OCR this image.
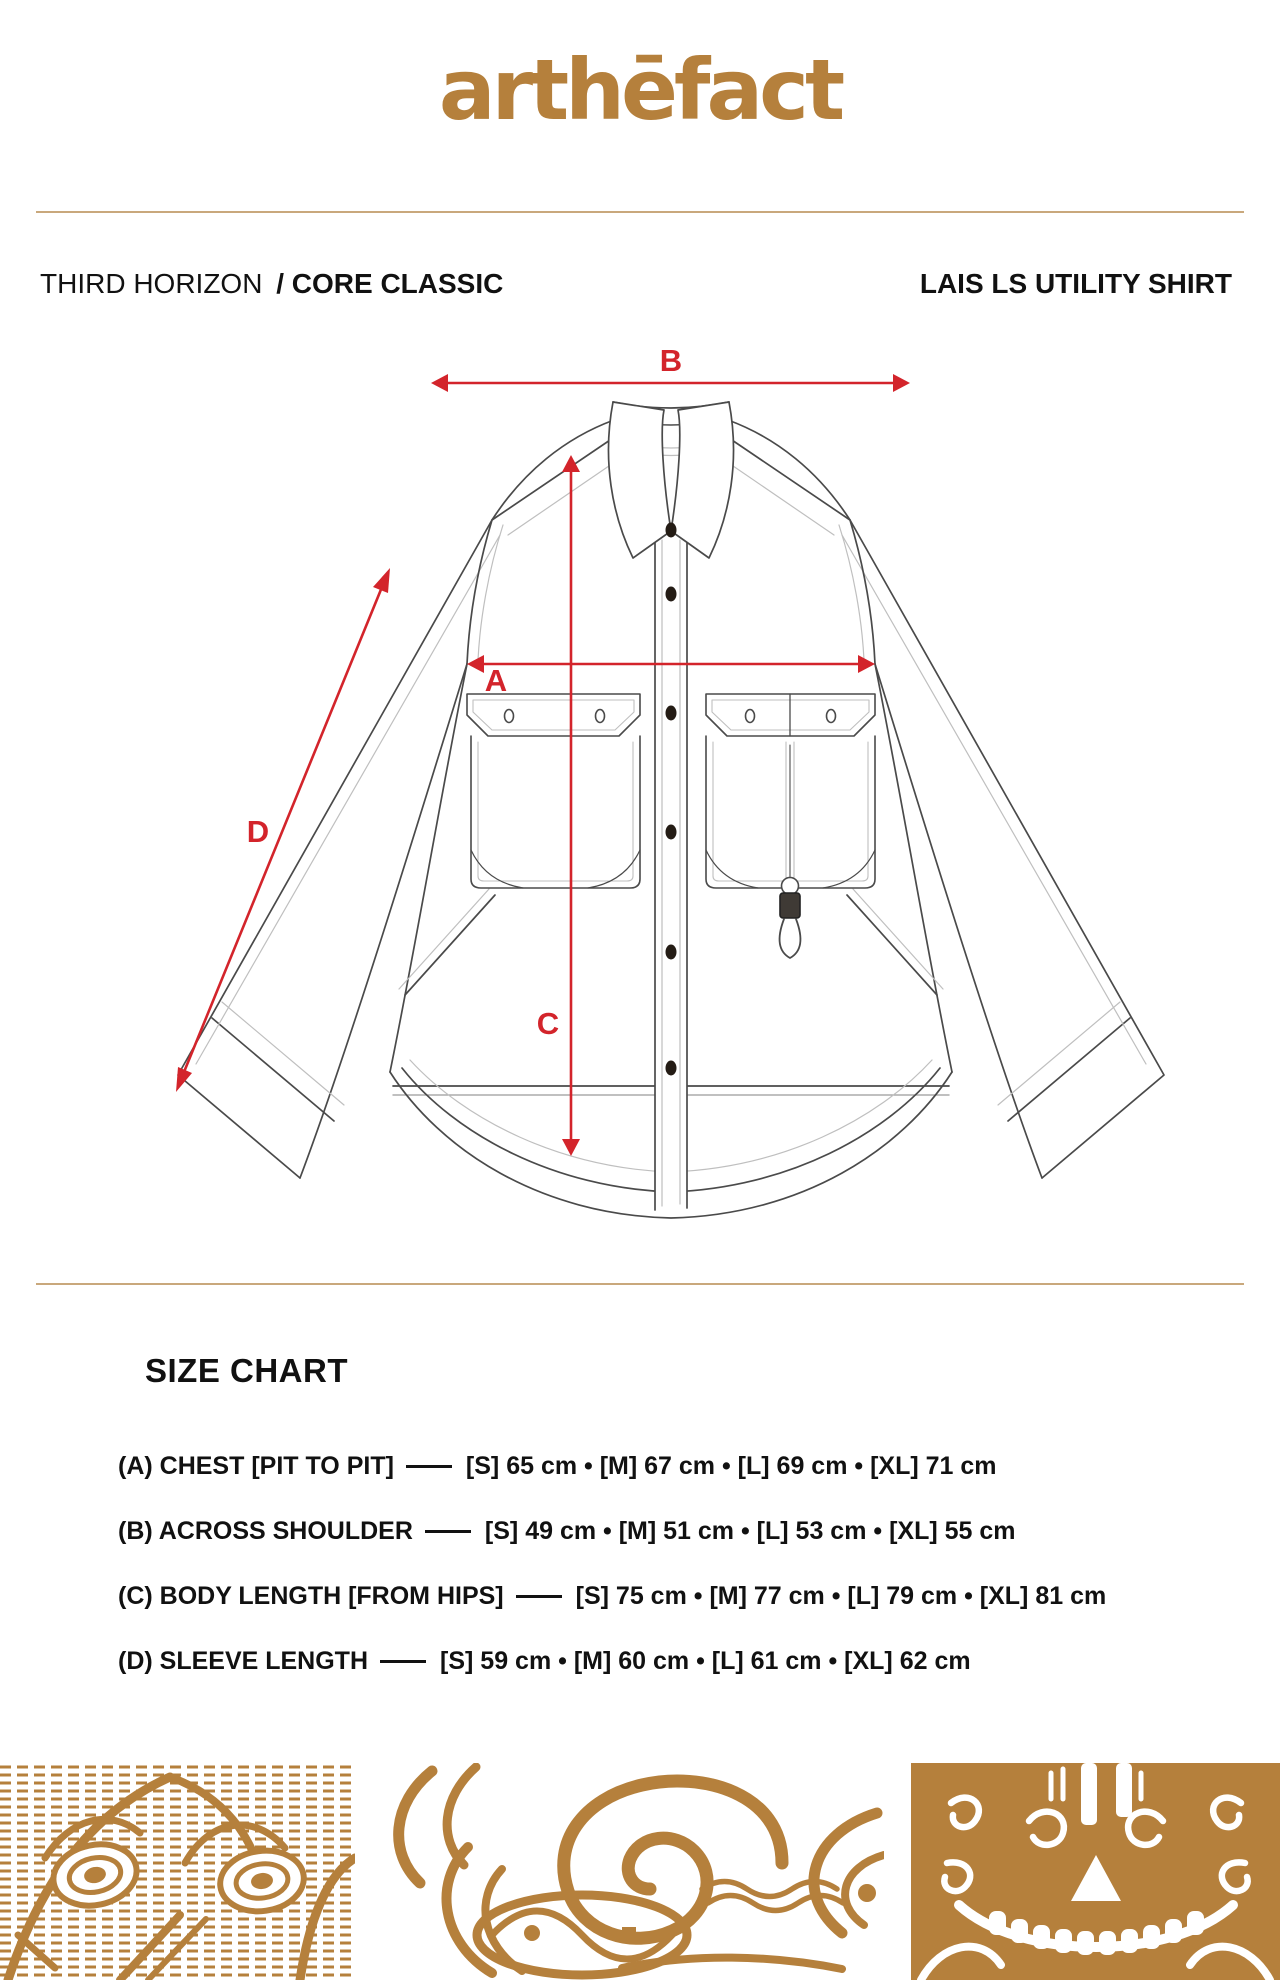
arthēfact
THIRD HORIZON / CORE CLASSIC	LAIS LS UTILITY SHIRT
B
A
C
D
SIZE CHART
(A) CHEST [PIT TO PIT]	[S] 65 cm • [M] 67 cm • [L] 69 cm • [XL] 71 cm
(B) ACROSS SHOULDER	[S] 49 cm • [M] 51 cm • [L] 53 cm • [XL] 55 cm
(C) BODY LENGTH [FROM HIPS]	[S] 75 cm • [M] 77 cm • [L] 79 cm • [XL] 81 cm
(D) SLEEVE LENGTH	[S] 59 cm • [M] 60 cm • [L] 61 cm • [XL] 62 cm
